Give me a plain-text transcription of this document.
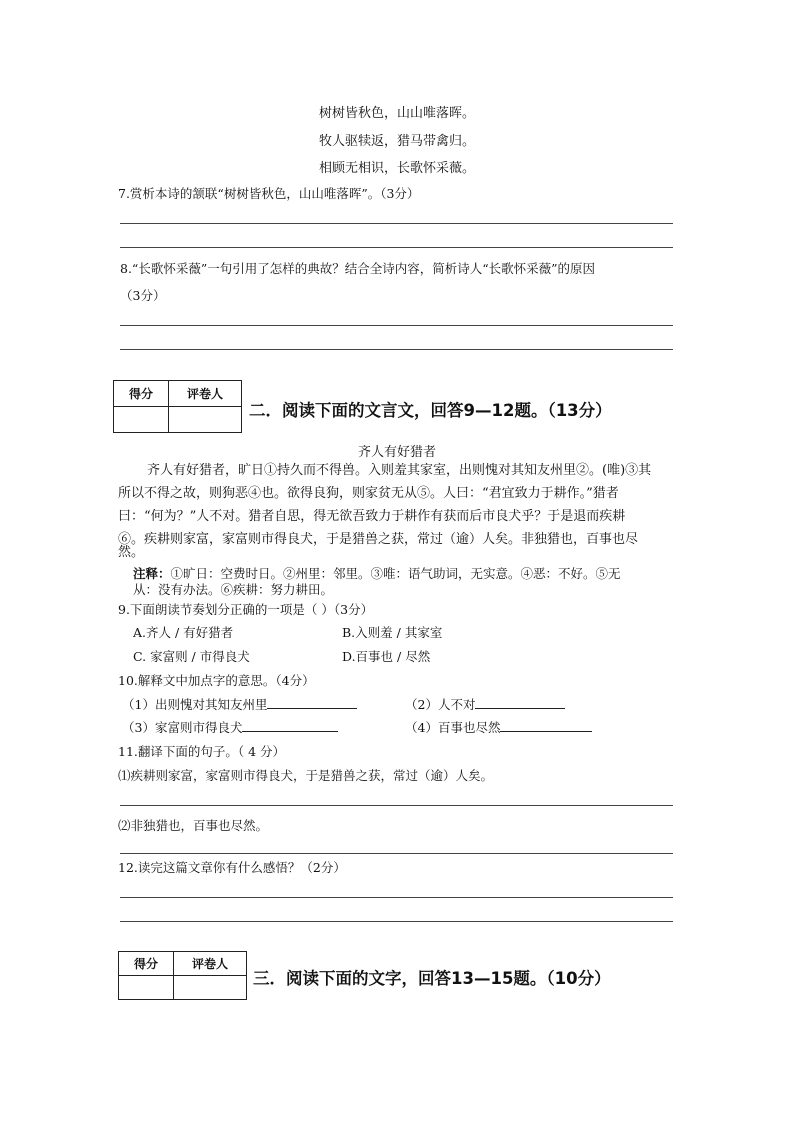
树树皆秋色，山山唯落晖。
牧人驱犊返，猎马带禽归。
相顾无相识，长歌怀采薇。
7.赏析本诗的颔联“树树皆秋色，山山唯落晖”。（3分）
8.“长歌怀采薇”一句引用了怎样的典故？结合全诗内容，简析诗人“长歌怀采薇”的原因
（3分）
得分	评卷人

二．阅读下面的文言文，回答9—12题。（13分）
齐人有好猎者
齐人有好猎者，旷日①持久而不得兽。入则羞其家室，出则愧对其知友州里②。(唯)③其
所以不得之故，则狗恶④也。欲得良狗，则家贫无从⑤。人曰：“君宜致力于耕作。”猎者
曰：“何为？”人不对。猎者自思，得无欲吾致力于耕作有获而后市良犬乎？于是退而疾耕
⑥。疾耕则家富，家富则市得良犬，于是猎兽之获，常过（逾）人矣。非独猎也，百事也尽
然。
注释：①旷日：空费时日。②州里：邻里。③唯：语气助词，无实意。④恶：不好。⑤无
从：没有办法。⑥疾耕：努力耕田。
9.下面朗读节奏划分正确的一项是（ ）（3分）
A.齐人 / 有好猎者	B.入则羞 / 其家室
C. 家富则 / 市得良犬	D.百事也 / 尽然
10.解释文中加点字的意思。（4分）
（1）出则愧对其知友州里	（2）人不对
（3）家富则市得良犬	（4）百事也尽然
11.翻译下面的句子。（ 4 分）
⑴疾耕则家富，家富则市得良犬，于是猎兽之获，常过（逾）人矣。
⑵非独猎也，百事也尽然。
12.读完这篇文章你有什么感悟？（2分）
得分	评卷人

三．阅读下面的文字，回答13—15题。（10分）
